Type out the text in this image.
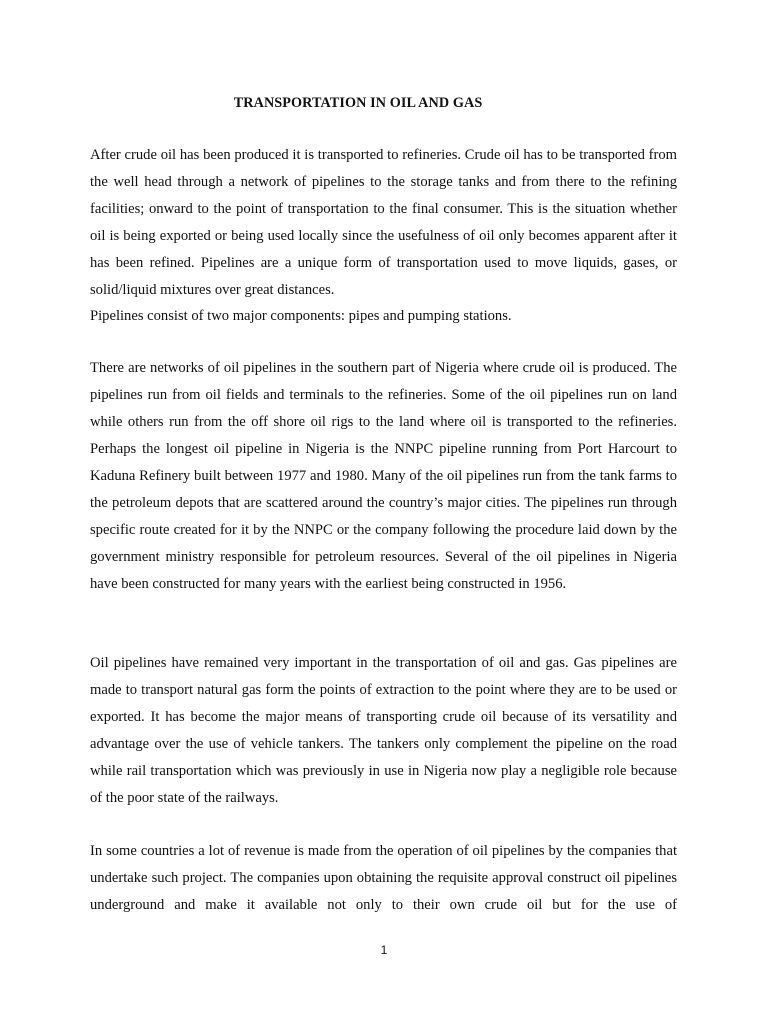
TRANSPORTATION IN OIL AND GAS

After crude oil has been produced it is transported to refineries. Crude oil has to be transported from the well head through a network of pipelines to the storage tanks and from there to the refining facilities; onward to the point of transportation to the final consumer. This is the situation whether oil is being exported or being used locally since the usefulness of oil only becomes apparent after it has been refined. Pipelines are a unique form of transportation used to move liquids, gases, or solid/liquid mixtures over great distances.

Pipelines consist of two major components: pipes and pumping stations.

There are networks of oil pipelines in the southern part of Nigeria where crude oil is produced. The pipelines run from oil fields and terminals to the refineries. Some of the oil pipelines run on land while others run from the off shore oil rigs to the land where oil is transported to the refineries. Perhaps the longest oil pipeline in Nigeria is the NNPC pipeline running from Port Harcourt to Kaduna Refinery built between 1977 and 1980. Many of the oil pipelines run from the tank farms to the petroleum depots that are scattered around the country’s major cities. The pipelines run through specific route created for it by the NNPC or the company following the procedure laid down by the government ministry responsible for petroleum resources. Several of the oil pipelines in Nigeria have been constructed for many years with the earliest being constructed in 1956.

Oil pipelines have remained very important in the transportation of oil and gas. Gas pipelines are made to transport natural gas form the points of extraction to the point where they are to be used or exported. It has become the major means of transporting crude oil because of its versatility and advantage over the use of vehicle tankers. The tankers only complement the pipeline on the road while rail transportation which was previously in use in Nigeria now play a negligible role because of the poor state of the railways.

In some countries a lot of revenue is made from the operation of oil pipelines by the companies that undertake such project. The companies upon obtaining the requisite approval construct oil pipelines underground and make it available not only to their own crude oil but for the use of

1
